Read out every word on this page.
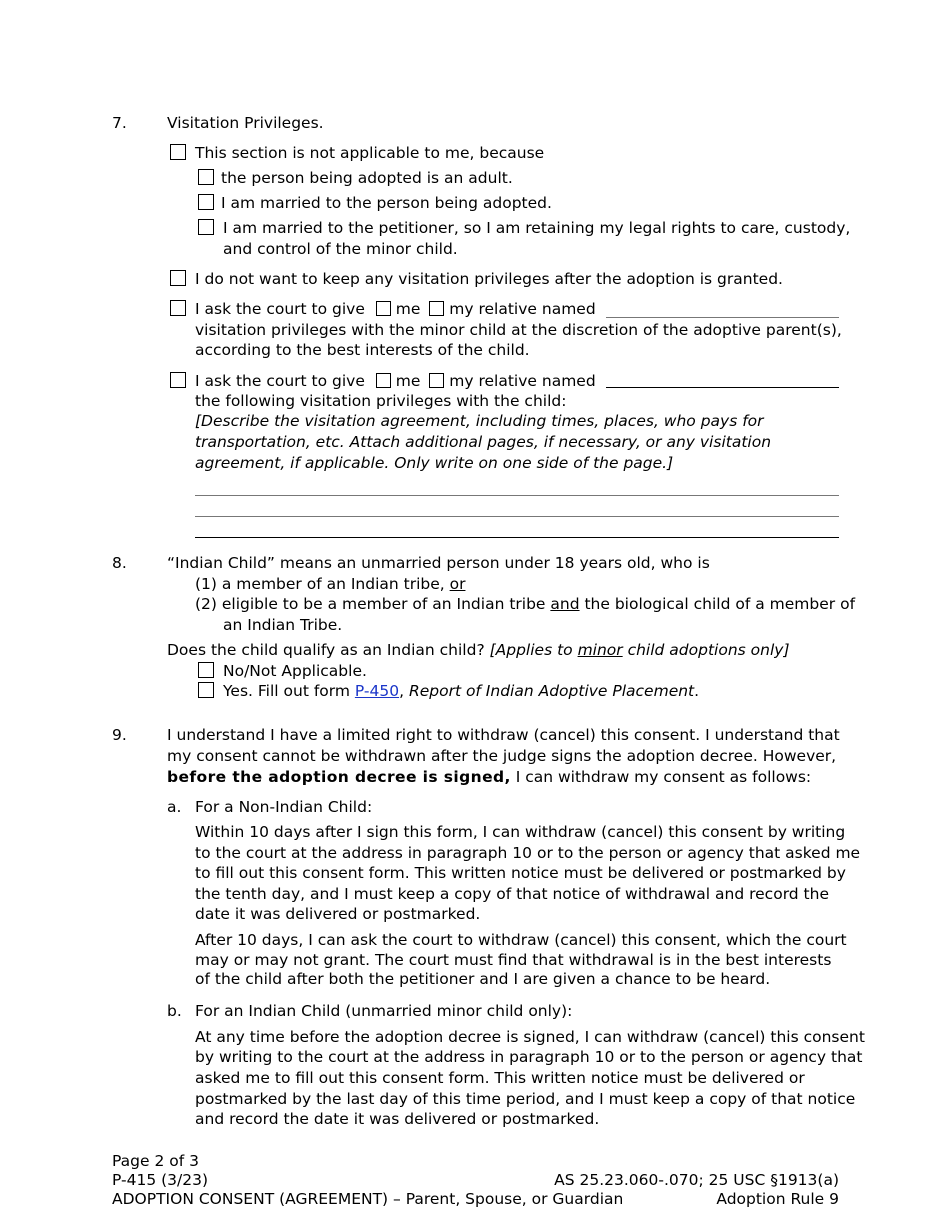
7.	Visitation Privileges.
This section is not applicable to me, because
the person being adopted is an adult.
I am married to the person being adopted.
I am married to the petitioner, so I am retaining my legal rights to care, custody,
and control of the minor child.
I do not want to keep any visitation privileges after the adoption is granted.
I ask the court to give me my relative named
visitation privileges with the minor child at the discretion of the adoptive parent(s),
according to the best interests of the child.
I ask the court to give me my relative named
the following visitation privileges with the child:
[Describe the visitation agreement, including times, places, who pays for
transportation, etc. Attach additional pages, if necessary, or any visitation
agreement, if applicable. Only write on one side of the page.]
8.	“Indian Child” means an unmarried person under 18 years old, who is
(1) a member of an Indian tribe, or
(2) eligible to be a member of an Indian tribe and the biological child of a member of
an Indian Tribe.
Does the child qualify as an Indian child? [Applies to minor child adoptions only]
No/Not Applicable.
Yes. Fill out form P-450, Report of Indian Adoptive Placement.
9.	I understand I have a limited right to withdraw (cancel) this consent. I understand that
my consent cannot be withdrawn after the judge signs the adoption decree. However,
before the adoption decree is signed, I can withdraw my consent as follows:
a. For a Non-Indian Child:
Within 10 days after I sign this form, I can withdraw (cancel) this consent by writing
to the court at the address in paragraph 10 or to the person or agency that asked me
to fill out this consent form. This written notice must be delivered or postmarked by
the tenth day, and I must keep a copy of that notice of withdrawal and record the
date it was delivered or postmarked.
After 10 days, I can ask the court to withdraw (cancel) this consent, which the court
may or may not grant. The court must find that withdrawal is in the best interests
of the child after both the petitioner and I are given a chance to be heard.
b. For an Indian Child (unmarried minor child only):
At any time before the adoption decree is signed, I can withdraw (cancel) this consent
by writing to the court at the address in paragraph 10 or to the person or agency that
asked me to fill out this consent form. This written notice must be delivered or
postmarked by the last day of this time period, and I must keep a copy of that notice
and record the date it was delivered or postmarked.
Page 2 of 3
P-415 (3/23)
ADOPTION CONSENT (AGREEMENT) – Parent, Spouse, or Guardian
AS 25.23.060-.070; 25 USC §1913(a)
Adoption Rule 9
